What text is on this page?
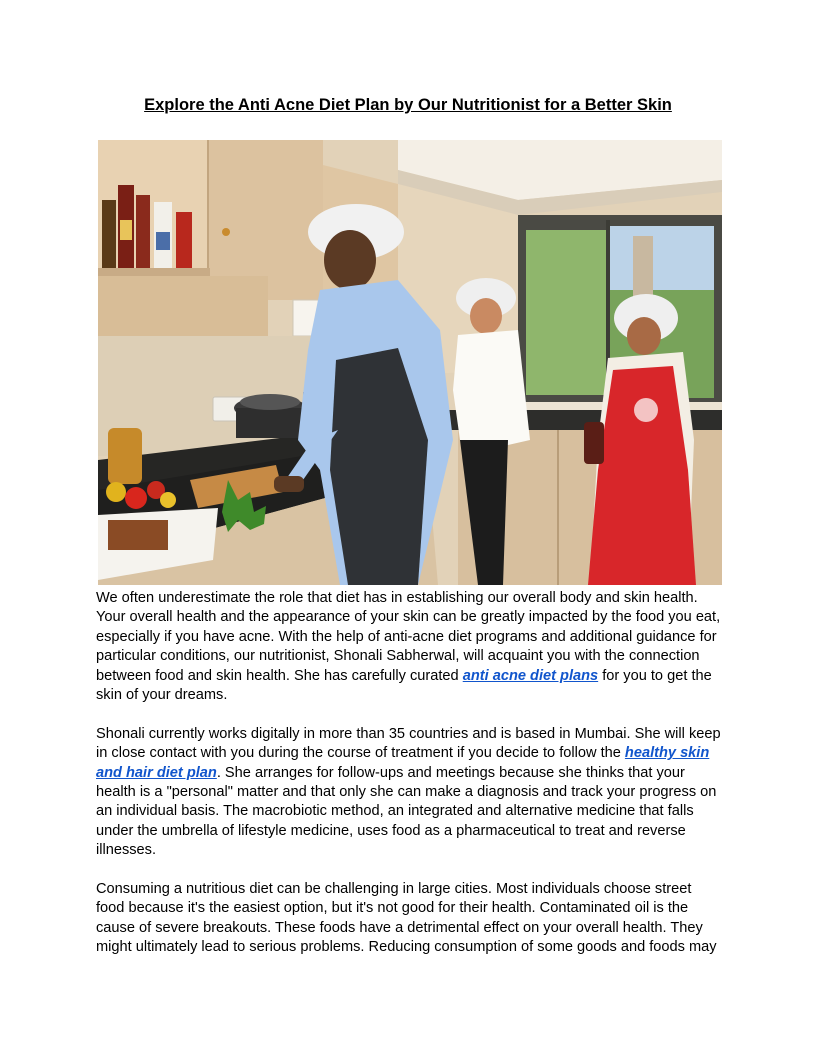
Explore the Anti Acne Diet Plan by Our Nutritionist for a Better Skin

We often underestimate the role that diet has in establishing our overall body and skin health. Your overall health and the appearance of your skin can be greatly impacted by the food you eat, especially if you have acne. With the help of anti-acne diet programs and additional guidance for particular conditions, our nutritionist, Shonali Sabherwal, will acquaint you with the connection between food and skin health. She has carefully curated anti acne diet plans for you to get the skin of your dreams.

Shonali currently works digitally in more than 35 countries and is based in Mumbai. She will keep in close contact with you during the course of treatment if you decide to follow the healthy skin and hair diet plan. She arranges for follow-ups and meetings because she thinks that your health is a "personal" matter and that only she can make a diagnosis and track your progress on an individual basis. The macrobiotic method, an integrated and alternative medicine that falls under the umbrella of lifestyle medicine, uses food as a pharmaceutical to treat and reverse illnesses.

Consuming a nutritious diet can be challenging in large cities. Most individuals choose street food because it's the easiest option, but it's not good for their health. Contaminated oil is the cause of severe breakouts. These foods have a detrimental effect on your overall health. They might ultimately lead to serious problems. Reducing consumption of some goods and foods may
